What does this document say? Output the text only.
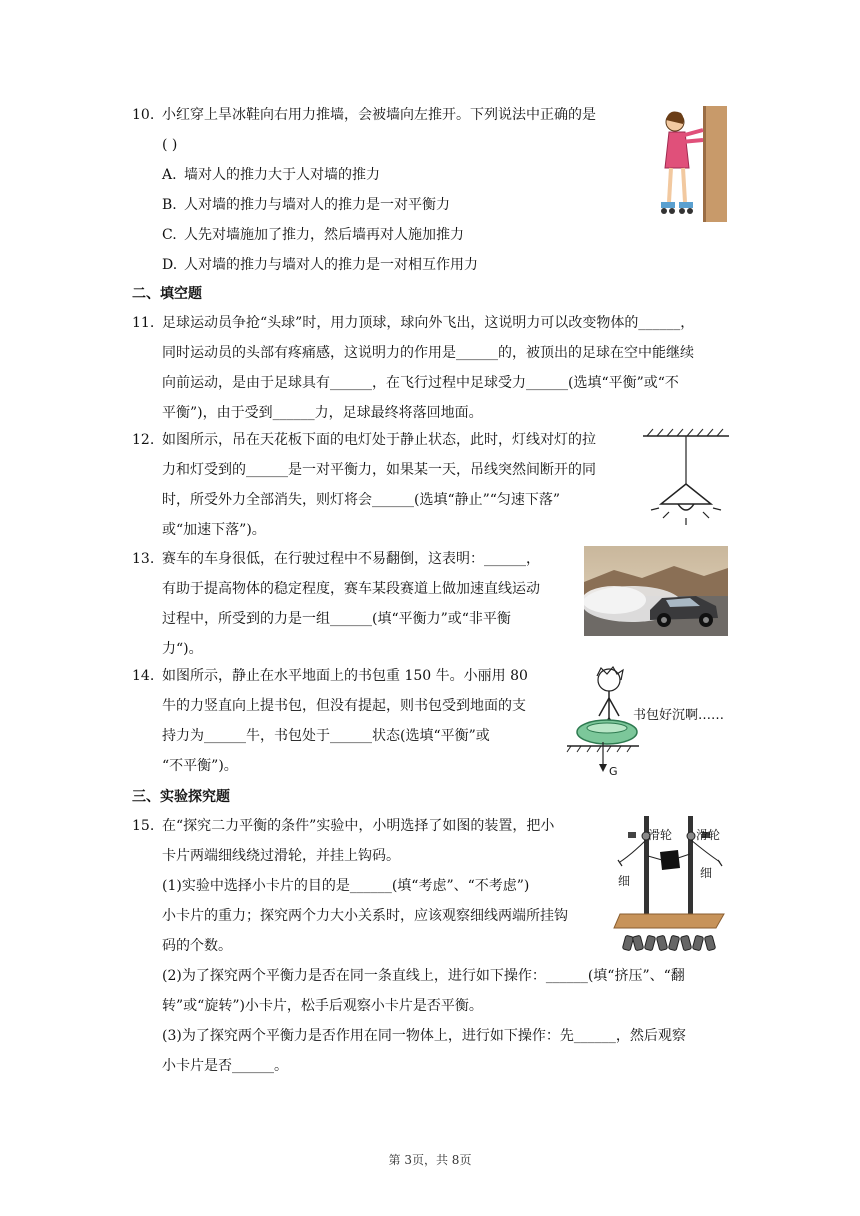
10. 小红穿上旱冰鞋向右用力推墙，会被墙向左推开。下列说法中正确的是
( )
A. 墙对人的推力大于人对墙的推力
B. 人对墙的推力与墙对人的推力是一对平衡力
C. 人先对墙施加了推力，然后墙再对人施加推力
D. 人对墙的推力与墙对人的推力是一对相互作用力
二、填空题
11. 足球运动员争抢“头球”时，用力顶球，球向外飞出，这说明力可以改变物体的______，
同时运动员的头部有疼痛感，这说明力的作用是______的，被顶出的足球在空中能继续
向前运动，是由于足球具有______，在飞行过程中足球受力______(选填“平衡”或“不
平衡”)，由于受到______力，足球最终将落回地面。
12. 如图所示，吊在天花板下面的电灯处于静止状态，此时，灯线对灯的拉
力和灯受到的______是一对平衡力，如果某一天，吊线突然间断开的同
时，所受外力全部消失，则灯将会______(选填“静止”“匀速下落”
或“加速下落”)。
13. 赛车的车身很低，在行驶过程中不易翻倒，这表明：______，
有助于提高物体的稳定程度，赛车某段赛道上做加速直线运动
过程中，所受到的力是一组______(填“平衡力”或“非平衡
力“)。
14. 如图所示，静止在水平地面上的书包重 150 牛。小丽用 80
牛的力竖直向上提书包，但没有提起，则书包受到地面的支
持力为______牛，书包处于______状态(选填“平衡”或
“不平衡”)。
书包好沉啊……
G
三、实验探究题
15. 在“探究二力平衡的条件”实验中，小明选择了如图的装置，把小
卡片两端细线绕过滑轮，并挂上钩码。
(1)实验中选择小卡片的目的是______(填“考虑”、“不考虑”)
小卡片的重力；探究两个力大小关系时，应该观察细线两端所挂钩
码的个数。
(2)为了探究两个平衡力是否在同一条直线上，进行如下操作：______(填“挤压”、“翻
转”或“旋转”)小卡片，松手后观察小卡片是否平衡。
(3)为了探究两个平衡力是否作用在同一物体上，进行如下操作：先______，然后观察
小卡片是否______。
滑轮 滑轮
细
细
第 3页，共 8页
